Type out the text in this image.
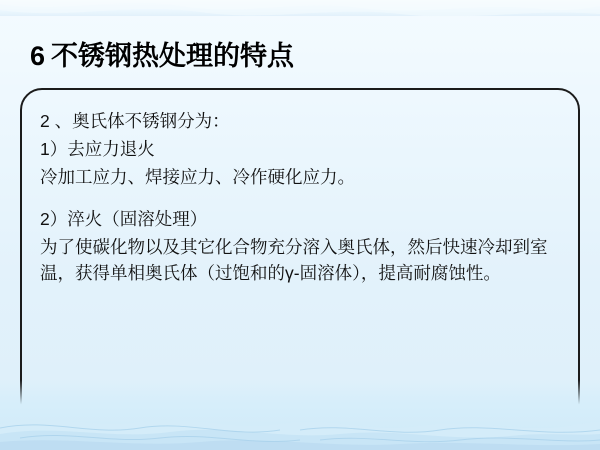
6 不锈钢热处理的特点

2 、奥氏体不锈钢分为：

1）去应力退火

冷加工应力、焊接应力、冷作硬化应力。

2）淬火（固溶处理）

为了使碳化物以及其它化合物充分溶入奥氏体，然后快速冷却到室温，获得单相奥氏体（过饱和的γ-固溶体），提高耐腐蚀性。
